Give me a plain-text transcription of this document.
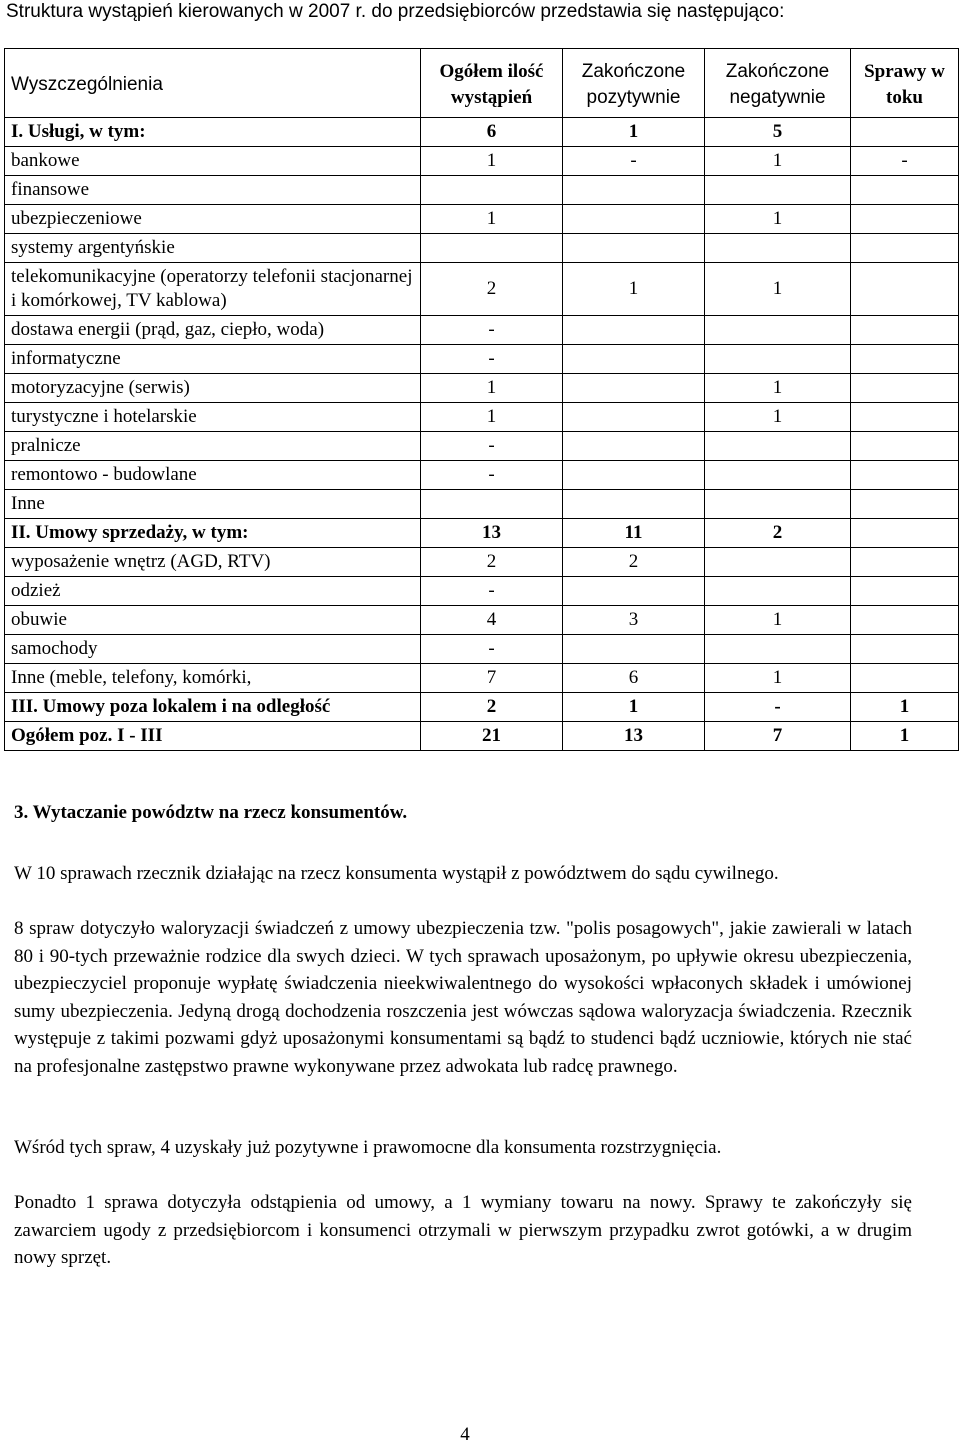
Struktura wystąpień kierowanych w 2007 r. do przedsiębiorców przedstawia się następująco:
Wyszczególnienia	Ogółem ilość wystąpień	Zakończone pozytywnie	Zakończone negatywnie	Sprawy w toku
I. Usługi, w tym:	6	1	5	
bankowe	1	-	1	-
finansowe				
ubezpieczeniowe	1		1	
systemy argentyńskie				
telekomunikacyjne (operatorzy telefonii stacjonarnej i komórkowej, TV kablowa)	2	1	1	
dostawa energii (prąd, gaz, ciepło, woda)	-			
informatyczne	-			
motoryzacyjne (serwis)	1		1	
turystyczne i hotelarskie	1		1	
pralnicze	-			
remontowo - budowlane	-			
Inne				
II. Umowy sprzedaży, w tym:	13	11	2	
wyposażenie wnętrz (AGD, RTV)	2	2		
odzież	-			
obuwie	4	3	1	
samochody	-			
Inne (meble, telefony, komórki,	7	6	1	
III. Umowy poza lokalem i na odległość	2	1	-	1
Ogółem poz. I - III	21	13	7	1
3. Wytaczanie powództw na rzecz konsumentów.
W 10 sprawach rzecznik działając na rzecz konsumenta wystąpił z powództwem do sądu cywilnego.
8 spraw dotyczyło waloryzacji świadczeń z umowy ubezpieczenia tzw. "polis posagowych", jakie zawierali w latach 80 i 90-tych przeważnie rodzice dla swych dzieci. W tych sprawach uposażonym, po upływie okresu ubezpieczenia, ubezpieczyciel proponuje wypłatę świadczenia nieekwiwalentnego do wysokości wpłaconych składek i umówionej sumy ubezpieczenia. Jedyną drogą dochodzenia roszczenia jest wówczas sądowa waloryzacja świadczenia. Rzecznik występuje z takimi pozwami gdyż uposażonymi konsumentami są bądź to studenci bądź uczniowie, których nie stać na profesjonalne zastępstwo prawne wykonywane przez adwokata lub radcę prawnego.
Wśród tych spraw, 4 uzyskały już pozytywne i prawomocne dla konsumenta rozstrzygnięcia.
Ponadto 1 sprawa dotyczyła odstąpienia od umowy, a 1 wymiany towaru na nowy. Sprawy te zakończyły się zawarciem ugody z przedsiębiorcom i konsumenci otrzymali w pierwszym przypadku zwrot gotówki, a w drugim nowy sprzęt.
4
